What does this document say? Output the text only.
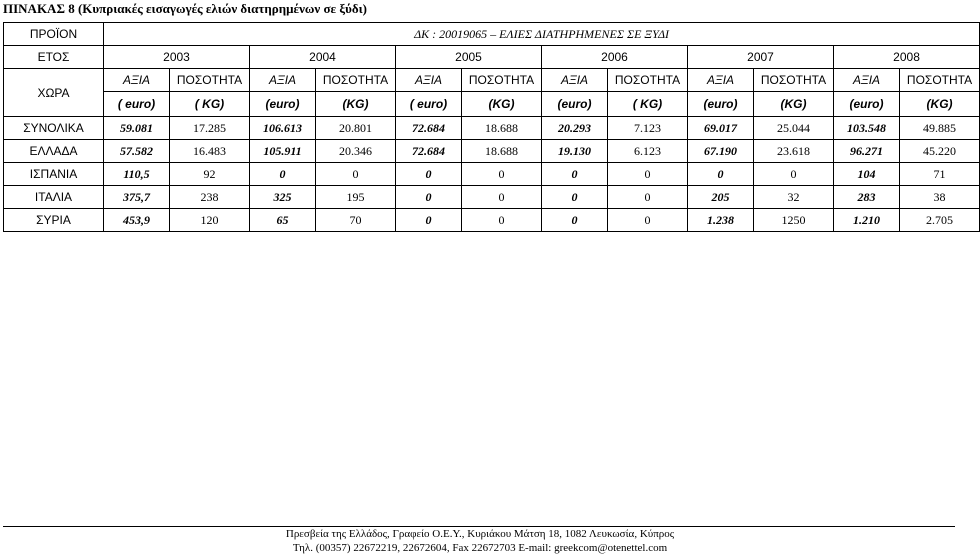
ΠΙΝΑΚΑΣ 8 (Κυπριακές εισαγωγές ελιών διατηρημένων σε ξύδι)
ΠΡΟΪΟΝ	ΔΚ : 20019065 – ΕΛΙΕΣ ΔΙΑΤΗΡΗΜΕΝΕΣ ΣΕ ΞΥΔΙ											
ΕΤΟΣ	2003		2004		2005		2006		2007		2008	
ΧΩΡΑ	ΑΞΙΑ	ΠΟΣΟΤΗΤΑ	ΑΞΙΑ	ΠΟΣΟΤΗΤΑ	ΑΞΙΑ	ΠΟΣΟΤΗΤΑ	ΑΞΙΑ	ΠΟΣΟΤΗΤΑ	ΑΞΙΑ	ΠΟΣΟΤΗΤΑ	ΑΞΙΑ	ΠΟΣΟΤΗΤΑ
	( euro)	( KG)	(euro)	(KG)	( euro)	(KG)	(euro)	( KG)	(euro)	(KG)	(euro)	(KG)
ΣΥΝΟΛΙΚΑ	59.081	17.285	106.613	20.801	72.684	18.688	20.293	7.123	69.017	25.044	103.548	49.885
ΕΛΛΑΔΑ	57.582	16.483	105.911	20.346	72.684	18.688	19.130	6.123	67.190	23.618	96.271	45.220
ΙΣΠΑΝΙΑ	110,5	92	0	0	0	0	0	0	0	0	104	71
ΙΤΑΛΙΑ	375,7	238	325	195	0	0	0	0	205	32	283	38
ΣΥΡΙΑ	453,9	120	65	70	0	0	0	0	1.238	1250	1.210	2.705
Πρεσβεία της Ελλάδος, Γραφείο Ο.Ε.Υ., Κυριάκου Μάτση 18, 1082 Λευκωσία, Κύπρος
Τηλ. (00357) 22672219, 22672604, Fax 22672703 E-mail: greekcom@otenettel.com
